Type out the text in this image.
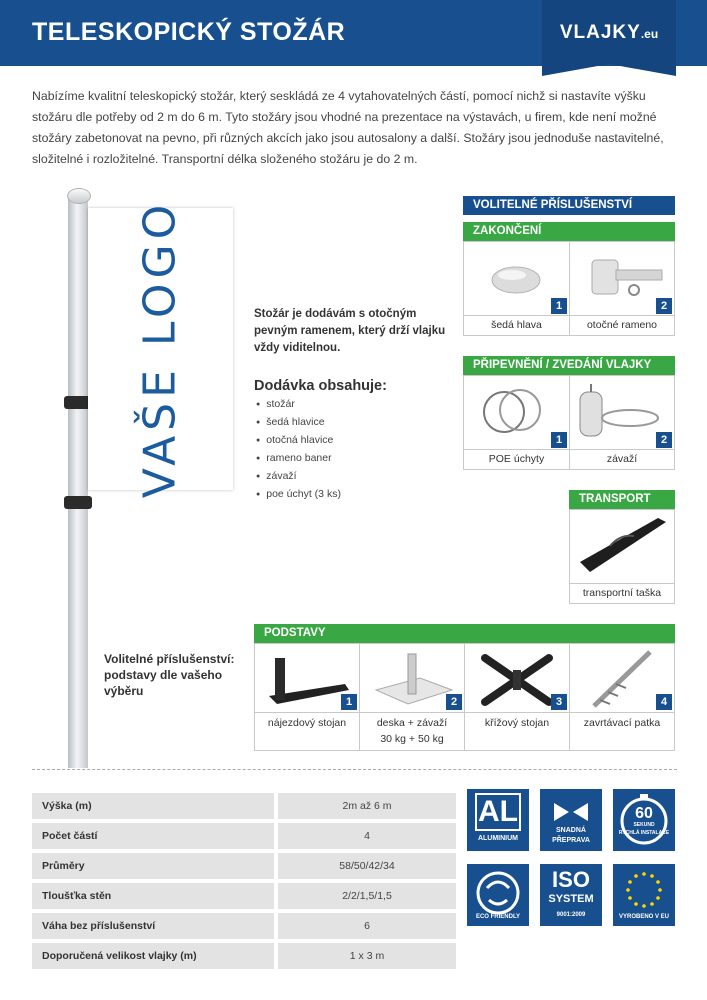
TELESKOPICKÝ STOŽÁR	VLAJKY.eu
Nabízíme kvalitní teleskopický stožár, který seskládá ze 4 vytahovatelných částí, pomocí nichž si nastavíte výšku stožáru dle potřeby od 2 m do 6 m. Tyto stožáry jsou vhodné na prezentace na výstavách, u firem, kde není možné stožáry zabetonovat na pevno, při různých akcích jako jsou autosalony a další. Stožáry jsou jednoduše nastavitelné, složitelné i rozložitelné. Transportní délka složeného stožáru je do 2 m.
VAŠE LOGO	Stožár je dodávám s otočným pevným ramenem, který drží vlajku vždy viditelnou.
Dodávka obsahuje:
● stožár
● šedá hlavice
● otočná hlavice
● rameno baner
● závaží
● poe úchyt (3 ks)
Volitelné příslušenství: podstavy dle vašeho výběru
VOLITELNÉ PŘÍSLUŠENSTVÍ
ZAKONČENÍ
1
šedá hlava
2
otočné rameno
PŘIPEVNĚNÍ / ZVEDÁNÍ VLAJKY
1
POE úchyty
2
závaží
TRANSPORT
transportní taška
PODSTAVY
1
nájezdový stojan
2
deska + závaží
30 kg + 50 kg
3
křížový stojan
4
zavrtávací patka
Výška (m)	2m až 6 m
Počet částí	4
Průměry	58/50/42/34
Tloušťka stěn	2/2/1,5/1,5
Váha bez příslušenství	6
Doporučená velikost vlajky (m)	1 x 3 m
AL
ALUMINIUM
SNADNÁ
PŘEPRAVA
60
SEKUND
RYCHLÁ INSTALACE
ECO FRIENDLY
ISO
SYSTEM
9001:2009	VYROBENO V EU
